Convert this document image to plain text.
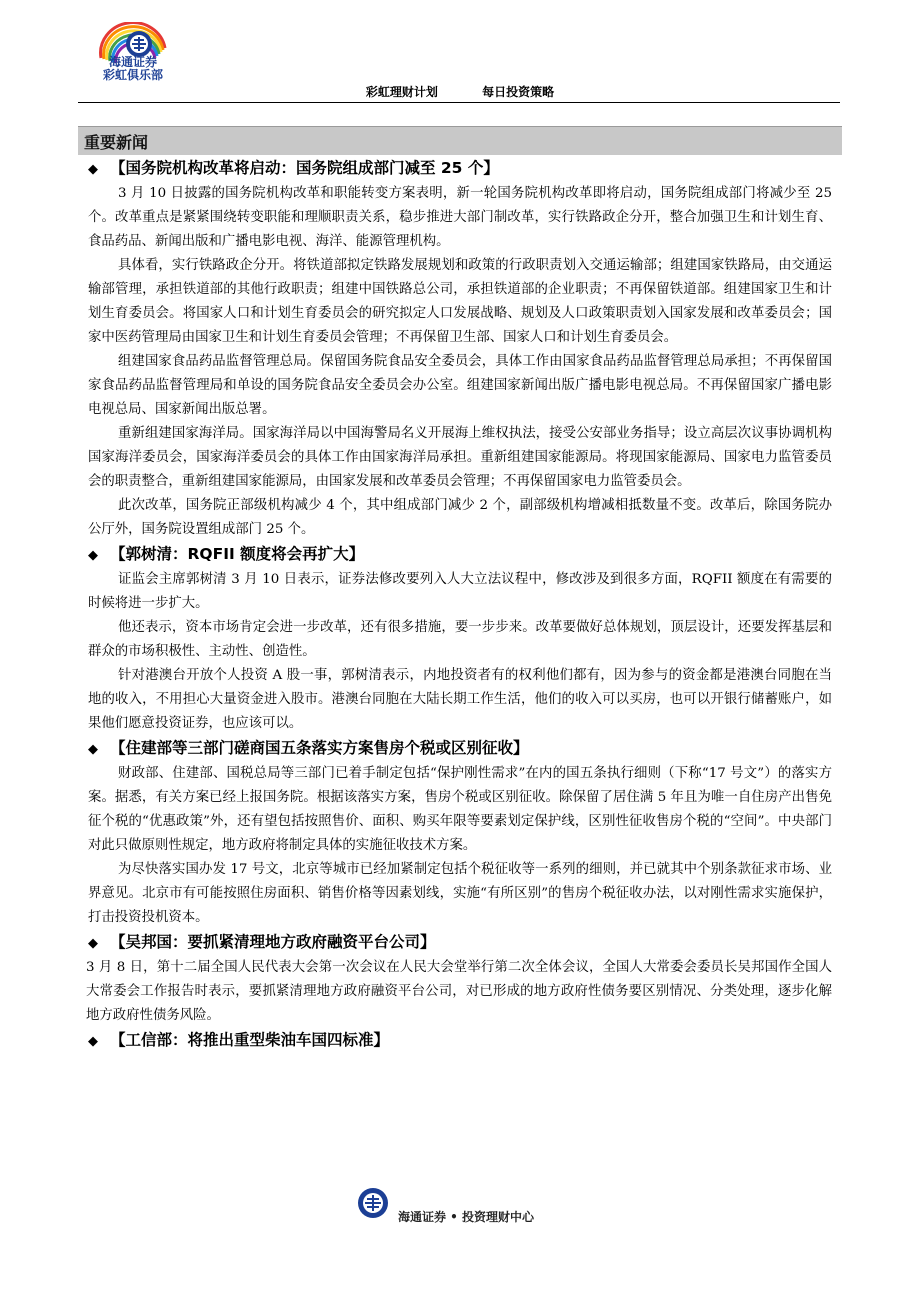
海通证券
彩虹俱乐部
彩虹理财计划	每日投资策略
重要新闻
◆ 【国务院机构改革将启动：国务院组成部门减至 25 个】

3 月 10 日披露的国务院机构改革和职能转变方案表明，新一轮国务院机构改革即将启动，国务院组成部门将减少至 25 个。改革重点是紧紧围绕转变职能和理顺职责关系，稳步推进大部门制改革，实行铁路政企分开，整合加强卫生和计划生育、食品药品、新闻出版和广播电影电视、海洋、能源管理机构。

具体看，实行铁路政企分开。将铁道部拟定铁路发展规划和政策的行政职责划入交通运输部；组建国家铁路局，由交通运输部管理，承担铁道部的其他行政职责；组建中国铁路总公司，承担铁道部的企业职责；不再保留铁道部。组建国家卫生和计划生育委员会。将国家人口和计划生育委员会的研究拟定人口发展战略、规划及人口政策职责划入国家发展和改革委员会；国家中医药管理局由国家卫生和计划生育委员会管理；不再保留卫生部、国家人口和计划生育委员会。

组建国家食品药品监督管理总局。保留国务院食品安全委员会，具体工作由国家食品药品监督管理总局承担；不再保留国家食品药品监督管理局和单设的国务院食品安全委员会办公室。组建国家新闻出版广播电影电视总局。不再保留国家广播电影电视总局、国家新闻出版总署。

重新组建国家海洋局。国家海洋局以中国海警局名义开展海上维权执法，接受公安部业务指导；设立高层次议事协调机构国家海洋委员会，国家海洋委员会的具体工作由国家海洋局承担。重新组建国家能源局。将现国家能源局、国家电力监管委员会的职责整合，重新组建国家能源局，由国家发展和改革委员会管理；不再保留国家电力监管委员会。

此次改革，国务院正部级机构减少 4 个，其中组成部门减少 2 个，副部级机构增减相抵数量不变。改革后，除国务院办公厅外，国务院设置组成部门 25 个。

◆ 【郭树清：RQFII 额度将会再扩大】

证监会主席郭树清 3 月 10 日表示，证券法修改要列入人大立法议程中，修改涉及到很多方面，RQFII 额度在有需要的时候将进一步扩大。

他还表示，资本市场肯定会进一步改革，还有很多措施，要一步步来。改革要做好总体规划，顶层设计，还要发挥基层和群众的市场积极性、主动性、创造性。

针对港澳台开放个人投资 A 股一事，郭树清表示，内地投资者有的权利他们都有，因为参与的资金都是港澳台同胞在当地的收入，不用担心大量资金进入股市。港澳台同胞在大陆长期工作生活，他们的收入可以买房，也可以开银行储蓄账户，如果他们愿意投资证券，也应该可以。

◆ 【住建部等三部门磋商国五条落实方案售房个税或区别征收】

财政部、住建部、国税总局等三部门已着手制定包括“保护刚性需求”在内的国五条执行细则（下称“17 号文”）的落实方案。据悉，有关方案已经上报国务院。根据该落实方案，售房个税或区别征收。除保留了居住满 5 年且为唯一自住房产出售免征个税的“优惠政策”外，还有望包括按照售价、面积、购买年限等要素划定保护线，区别性征收售房个税的“空间”。中央部门对此只做原则性规定，地方政府将制定具体的实施征收技术方案。

为尽快落实国办发 17 号文，北京等城市已经加紧制定包括个税征收等一系列的细则，并已就其中个别条款征求市场、业界意见。北京市有可能按照住房面积、销售价格等因素划线，实施“有所区别”的售房个税征收办法，以对刚性需求实施保护，打击投资投机资本。

◆ 【吴邦国：要抓紧清理地方政府融资平台公司】

3 月 8 日，第十二届全国人民代表大会第一次会议在人民大会堂举行第二次全体会议，全国人大常委会委员长吴邦国作全国人大常委会工作报告时表示，要抓紧清理地方政府融资平台公司，对已形成的地方政府性债务要区别情况、分类处理，逐步化解地方政府性债务风险。

◆ 【工信部：将推出重型柴油车国四标准】
海通证券 • 投资理财中心
